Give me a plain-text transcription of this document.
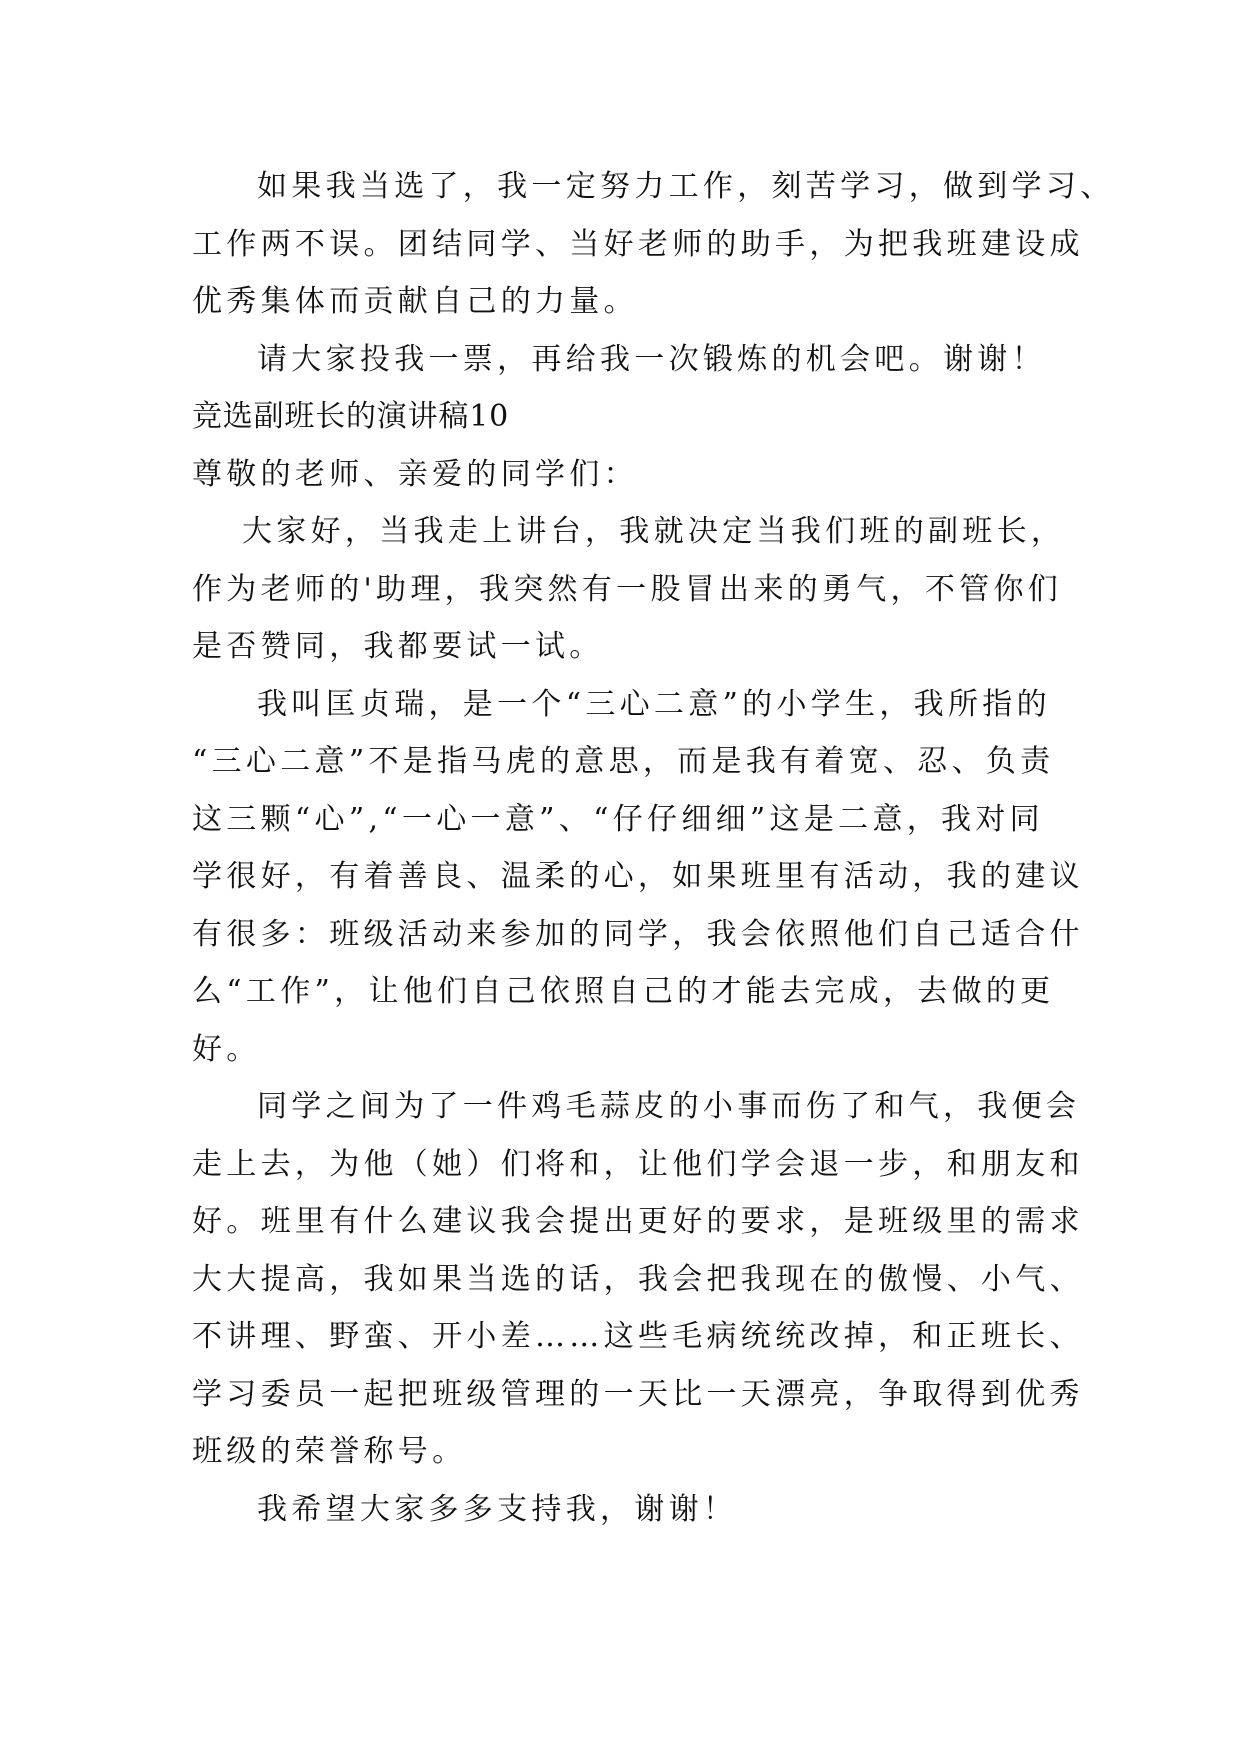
如果我当选了，我一定努力工作，刻苦学习，做到学习、
工作两不误。团结同学、当好老师的助手，为把我班建设成
优秀集体而贡献自己的力量。
请大家投我一票，再给我一次锻炼的机会吧。谢谢！
竞选副班长的演讲稿10
尊敬的老师、亲爱的同学们：
大家好，当我走上讲台，我就决定当我们班的副班长，
作为老师的'助理，我突然有一股冒出来的勇气，不管你们
是否赞同，我都要试一试。
我叫匡贞瑞，是一个“三心二意”的小学生，我所指的
“三心二意”不是指马虎的意思，而是我有着宽、忍、负责
这三颗“心”,“一心一意”、“仔仔细细”这是二意，我对同
学很好，有着善良、温柔的心，如果班里有活动，我的建议
有很多：班级活动来参加的同学，我会依照他们自己适合什
么“工作”，让他们自己依照自己的才能去完成，去做的更
好。
同学之间为了一件鸡毛蒜皮的小事而伤了和气，我便会
走上去，为他（她）们将和，让他们学会退一步，和朋友和
好。班里有什么建议我会提出更好的要求，是班级里的需求
大大提高，我如果当选的话，我会把我现在的傲慢、小气、
不讲理、野蛮、开小差……这些毛病统统改掉，和正班长、
学习委员一起把班级管理的一天比一天漂亮，争取得到优秀
班级的荣誉称号。
我希望大家多多支持我，谢谢！
